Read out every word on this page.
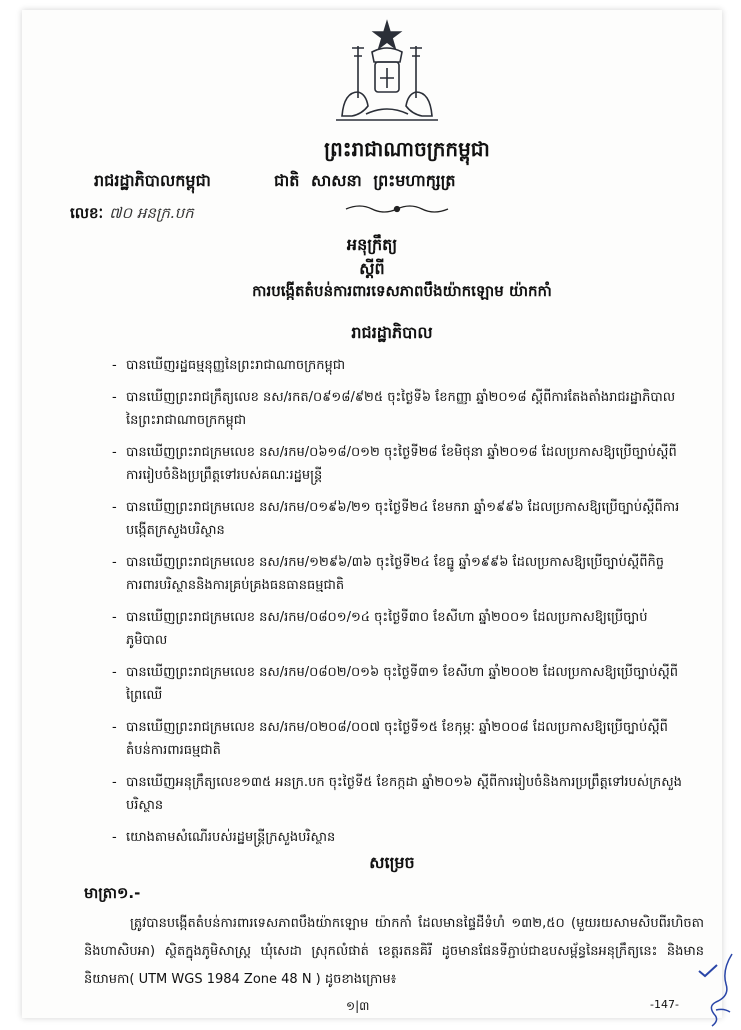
ព្រះរាជាណាចក្រកម្ពុជា
រាជរដ្ឋាភិបាលកម្ពុជា	ជាតិ សាសនា ព្រះមហាក្សត្រ
លេខៈ ៧០ អនក្រ.បក
អនុក្រឹត្យ
ស្តីពី
ការបង្កើតតំបន់ការពារទេសភាពបឹងយ៉ាកឡោម យ៉ាកកាំ
រាជរដ្ឋាភិបាល
- បានឃើញរដ្ឋធម្មនុញ្ញនៃព្រះរាជាណាចក្រកម្ពុជា
- បានឃើញព្រះរាជក្រឹត្យលេខ នស/រកត/០៩១៨/៩២៥ ចុះថ្ងៃទី៦ ខែកញ្ញា ឆ្នាំ២០១៨ ស្តីពីការតែងតាំងរាជរដ្ឋាភិបាលនៃព្រះរាជាណាចក្រកម្ពុជា
- បានឃើញព្រះរាជក្រមលេខ នស/រកម/០៦១៨/០១២ ចុះថ្ងៃទី២៨ ខែមិថុនា ឆ្នាំ២០១៨ ដែលប្រកាសឱ្យប្រើច្បាប់ស្តីពីការរៀបចំនិងប្រព្រឹត្តទៅរបស់គណៈរដ្ឋមន្ត្រី
- បានឃើញព្រះរាជក្រមលេខ នស/រកម/០១៩៦/២១ ចុះថ្ងៃទី២៤ ខែមករា ឆ្នាំ១៩៩៦ ដែលប្រកាសឱ្យប្រើច្បាប់ស្តីពីការបង្កើតក្រសួងបរិស្ថាន
- បានឃើញព្រះរាជក្រមលេខ នស/រកម/១២៩៦/៣៦ ចុះថ្ងៃទី២៤ ខែធ្នូ ឆ្នាំ១៩៩៦ ដែលប្រកាសឱ្យប្រើច្បាប់ស្តីពីកិច្ចការពារបរិស្ថាននិងការគ្រប់គ្រងធនធានធម្មជាតិ
- បានឃើញព្រះរាជក្រមលេខ នស/រកម/០៨០១/១៤ ចុះថ្ងៃទី៣០ ខែសីហា ឆ្នាំ២០០១ ដែលប្រកាសឱ្យប្រើច្បាប់ភូមិបាល
- បានឃើញព្រះរាជក្រមលេខ នស/រកម/០៨០២/០១៦ ចុះថ្ងៃទី៣១ ខែសីហា ឆ្នាំ២០០២ ដែលប្រកាសឱ្យប្រើច្បាប់ស្តីពីព្រៃឈើ
- បានឃើញព្រះរាជក្រមលេខ នស/រកម/០២០៨/០០៧ ចុះថ្ងៃទី១៥ ខែកុម្ភៈ ឆ្នាំ២០០៨ ដែលប្រកាសឱ្យប្រើច្បាប់ស្តីពីតំបន់ការពារធម្មជាតិ
- បានឃើញអនុក្រឹត្យលេខ១៣៥ អនក្រ.បក ចុះថ្ងៃទី៥ ខែកក្កដា ឆ្នាំ២០១៦ ស្តីពីការរៀបចំនិងការប្រព្រឹត្តទៅរបស់ក្រសួងបរិស្ថាន
- យោងតាមសំណើរបស់រដ្ឋមន្ត្រីក្រសួងបរិស្ថាន
សម្រេច
មាត្រា១.-

ត្រូវបានបង្កើតតំបន់ការពារទេសភាពបឹងយ៉ាកឡោម យ៉ាកកាំ ដែលមានផ្ទៃដីទំហំ ១៣២,៥០ (មួយរយសាមសិបពីរហិចតានិងហាសិបអា) ស្ថិតក្នុងភូមិសាស្ត្រ ឃុំសេដា ស្រុកលំផាត់ ខេត្តរតនគិរី ដូចមានផែនទីភ្ជាប់ជាឧបសម្ព័ន្ធនៃអនុក្រឹត្យនេះ និងមាននិយាមកា( UTM WGS 1984 Zone 48 N ) ដូចខាងក្រោម៖

១|៣	-147-
